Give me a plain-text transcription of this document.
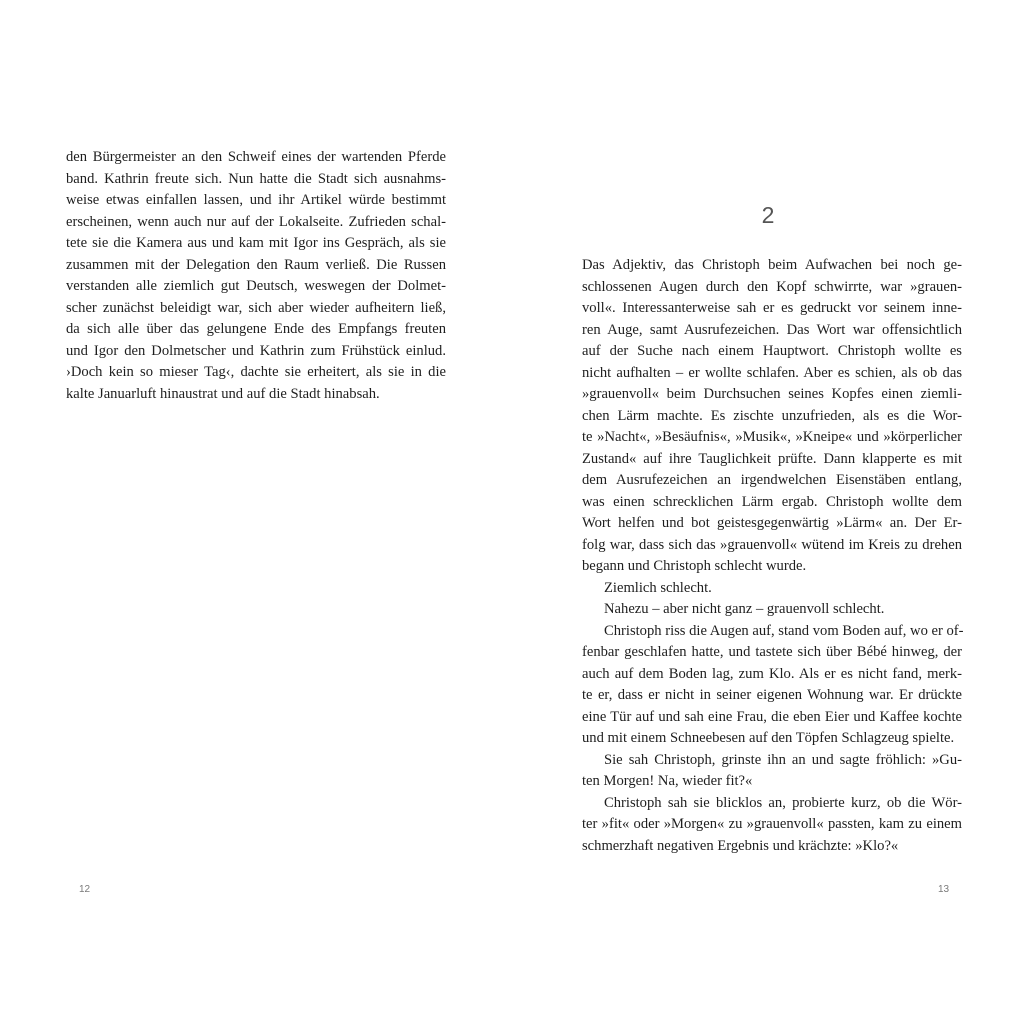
den Bürgermeister an den Schweif eines der wartenden Pferde
band. Kathrin freute sich. Nun hatte die Stadt sich ausnahms-
weise etwas einfallen lassen, und ihr Artikel würde bestimmt
erscheinen, wenn auch nur auf der Lokalseite. Zufrieden schal-
tete sie die Kamera aus und kam mit Igor ins Gespräch, als sie
zusammen mit der Delegation den Raum verließ. Die Russen
verstanden alle ziemlich gut Deutsch, weswegen der Dolmet-
scher zunächst beleidigt war, sich aber wieder aufheitern ließ,
da sich alle über das gelungene Ende des Empfangs freuten
und Igor den Dolmetscher und Kathrin zum Frühstück einlud.
›Doch kein so mieser Tag‹, dachte sie erheitert, als sie in die
kalte Januarluft hinaustrat und auf die Stadt hinabsah.
12
2
Das Adjektiv, das Christoph beim Aufwachen bei noch ge-
schlossenen Augen durch den Kopf schwirrte, war »grauen-
voll«. Interessanterweise sah er es gedruckt vor seinem inne-
ren Auge, samt Ausrufezeichen. Das Wort war offensichtlich
auf der Suche nach einem Hauptwort. Christoph wollte es
nicht aufhalten – er wollte schlafen. Aber es schien, als ob das
»grauenvoll« beim Durchsuchen seines Kopfes einen ziemli-
chen Lärm machte. Es zischte unzufrieden, als es die Wor-
te »Nacht«, »Besäufnis«, »Musik«, »Kneipe« und »körperlicher
Zustand« auf ihre Tauglichkeit prüfte. Dann klapperte es mit
dem Ausrufezeichen an irgendwelchen Eisenstäben entlang,
was einen schrecklichen Lärm ergab. Christoph wollte dem
Wort helfen und bot geistesgegenwärtig »Lärm« an. Der Er-
folg war, dass sich das »grauenvoll« wütend im Kreis zu drehen
begann und Christoph schlecht wurde.
Ziemlich schlecht.
Nahezu – aber nicht ganz – grauenvoll schlecht.
Christoph riss die Augen auf, stand vom Boden auf, wo er of-
fenbar geschlafen hatte, und tastete sich über Bébé hinweg, der
auch auf dem Boden lag, zum Klo. Als er es nicht fand, merk-
te er, dass er nicht in seiner eigenen Wohnung war. Er drückte
eine Tür auf und sah eine Frau, die eben Eier und Kaffee kochte
und mit einem Schneebesen auf den Töpfen Schlagzeug spielte.
Sie sah Christoph, grinste ihn an und sagte fröhlich: »Gu-
ten Morgen! Na, wieder fit?«
Christoph sah sie blicklos an, probierte kurz, ob die Wör-
ter »fit« oder »Morgen« zu »grauenvoll« passten, kam zu einem
schmerzhaft negativen Ergebnis und krächzte: »Klo?«
13
